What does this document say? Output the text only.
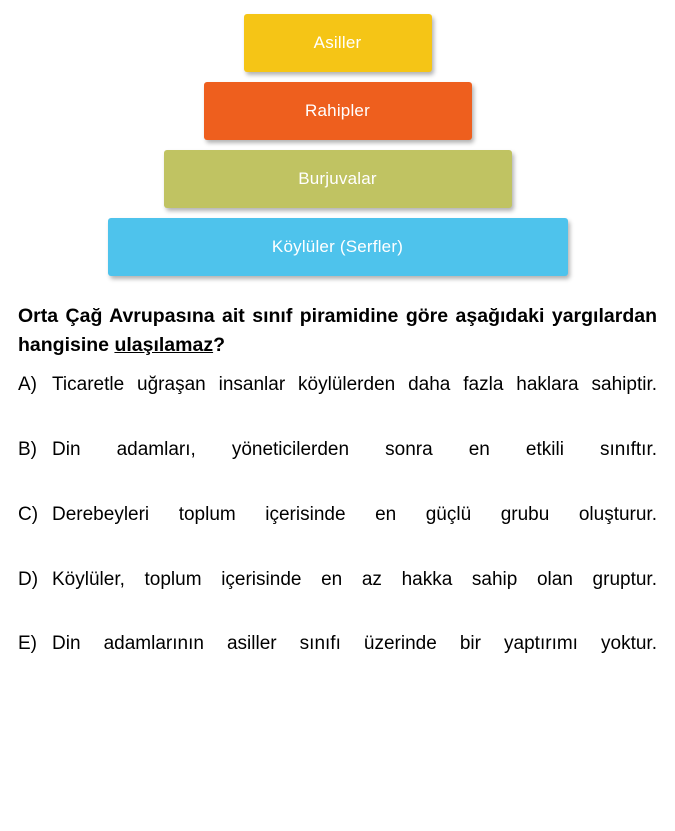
Asiller
Rahipler
Burjuvalar
Köylüler (Serfler)
Orta Çağ Avrupasına ait sınıf piramidine göre aşağıdaki yargılardan hangisine ulaşılamaz?
A) Ticaretle uğraşan insanlar köylülerden daha fazla haklara sahiptir.
B) Din adamları, yöneticilerden sonra en etkili sınıftır.
C) Derebeyleri toplum içerisinde en güçlü grubu oluşturur.
D) Köylüler, toplum içerisinde en az hakka sahip olan gruptur.
E) Din adamlarının asiller sınıfı üzerinde bir yaptırımı yoktur.
